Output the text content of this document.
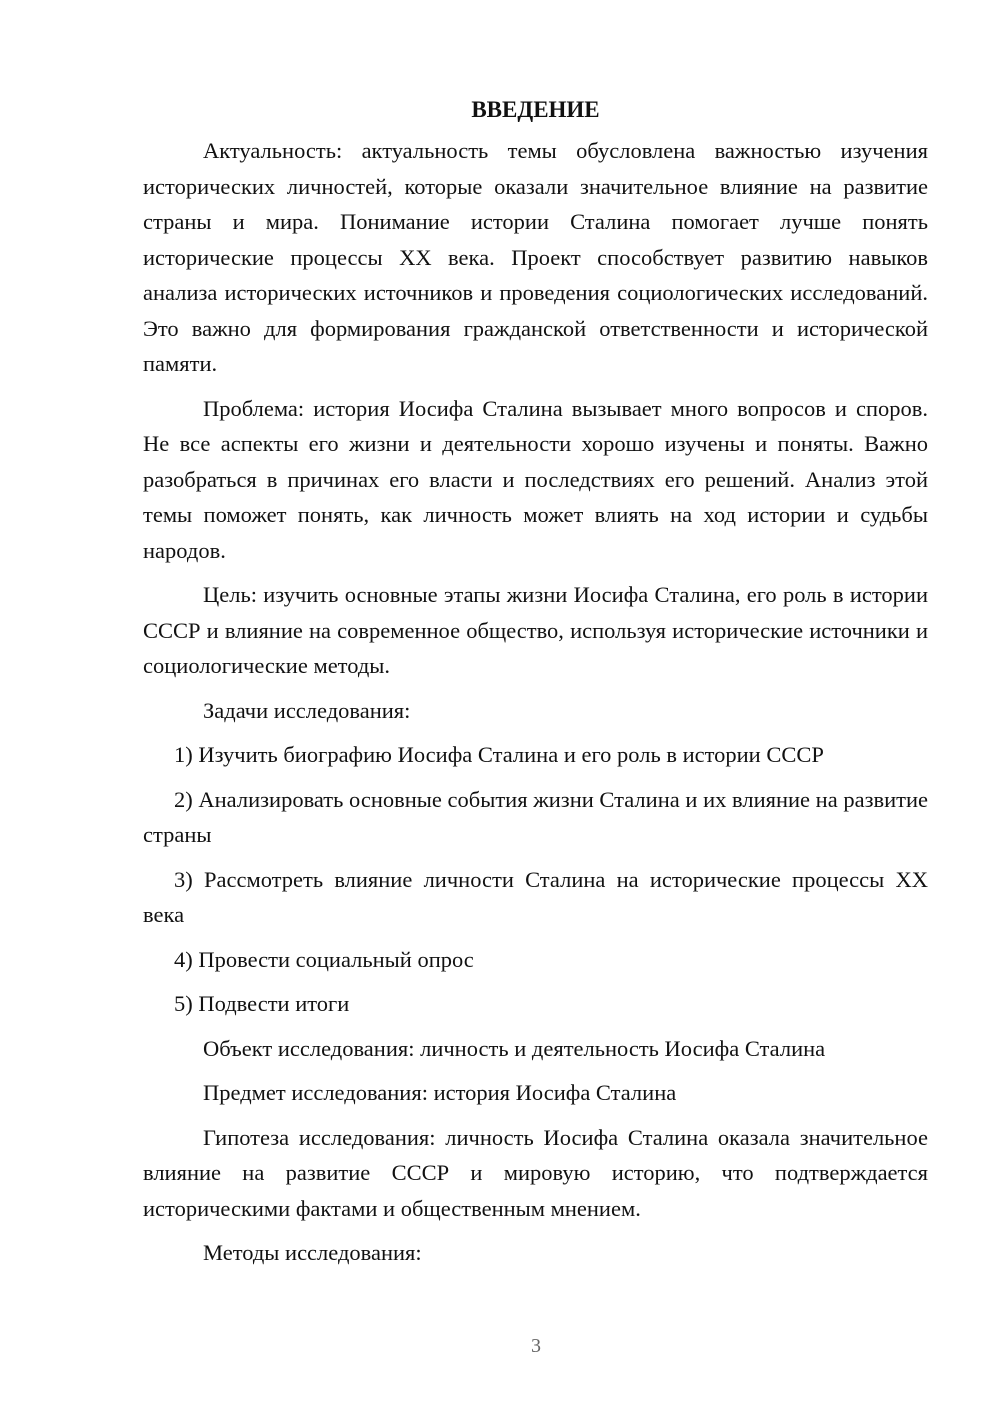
ВВЕДЕНИЕ

Актуальность: актуальность темы обусловлена важностью изучения исторических личностей, которые оказали значительное влияние на развитие страны и мира. Понимание истории Сталина помогает лучше понять исторические процессы XX века. Проект способствует развитию навыков анализа исторических источников и проведения социологических исследований. Это важно для формирования гражданской ответственности и исторической памяти.

Проблема: история Иосифа Сталина вызывает много вопросов и споров. Не все аспекты его жизни и деятельности хорошо изучены и поняты. Важно разобраться в причинах его власти и последствиях его решений. Анализ этой темы поможет понять, как личность может влиять на ход истории и судьбы народов.

Цель: изучить основные этапы жизни Иосифа Сталина, его роль в истории СССР и влияние на современное общество, используя исторические источники и социологические методы.

Задачи исследования:

1) Изучить биографию Иосифа Сталина и его роль в истории СССР

2) Анализировать основные события жизни Сталина и их влияние на развитие страны

3) Рассмотреть влияние личности Сталина на исторические процессы XX века

4) Провести социальный опрос

5) Подвести итоги

Объект исследования: личность и деятельность Иосифа Сталина

Предмет исследования: история Иосифа Сталина

Гипотеза исследования: личность Иосифа Сталина оказала значительное влияние на развитие СССР и мировую историю, что подтверждается историческими фактами и общественным мнением.

Методы исследования:

3
